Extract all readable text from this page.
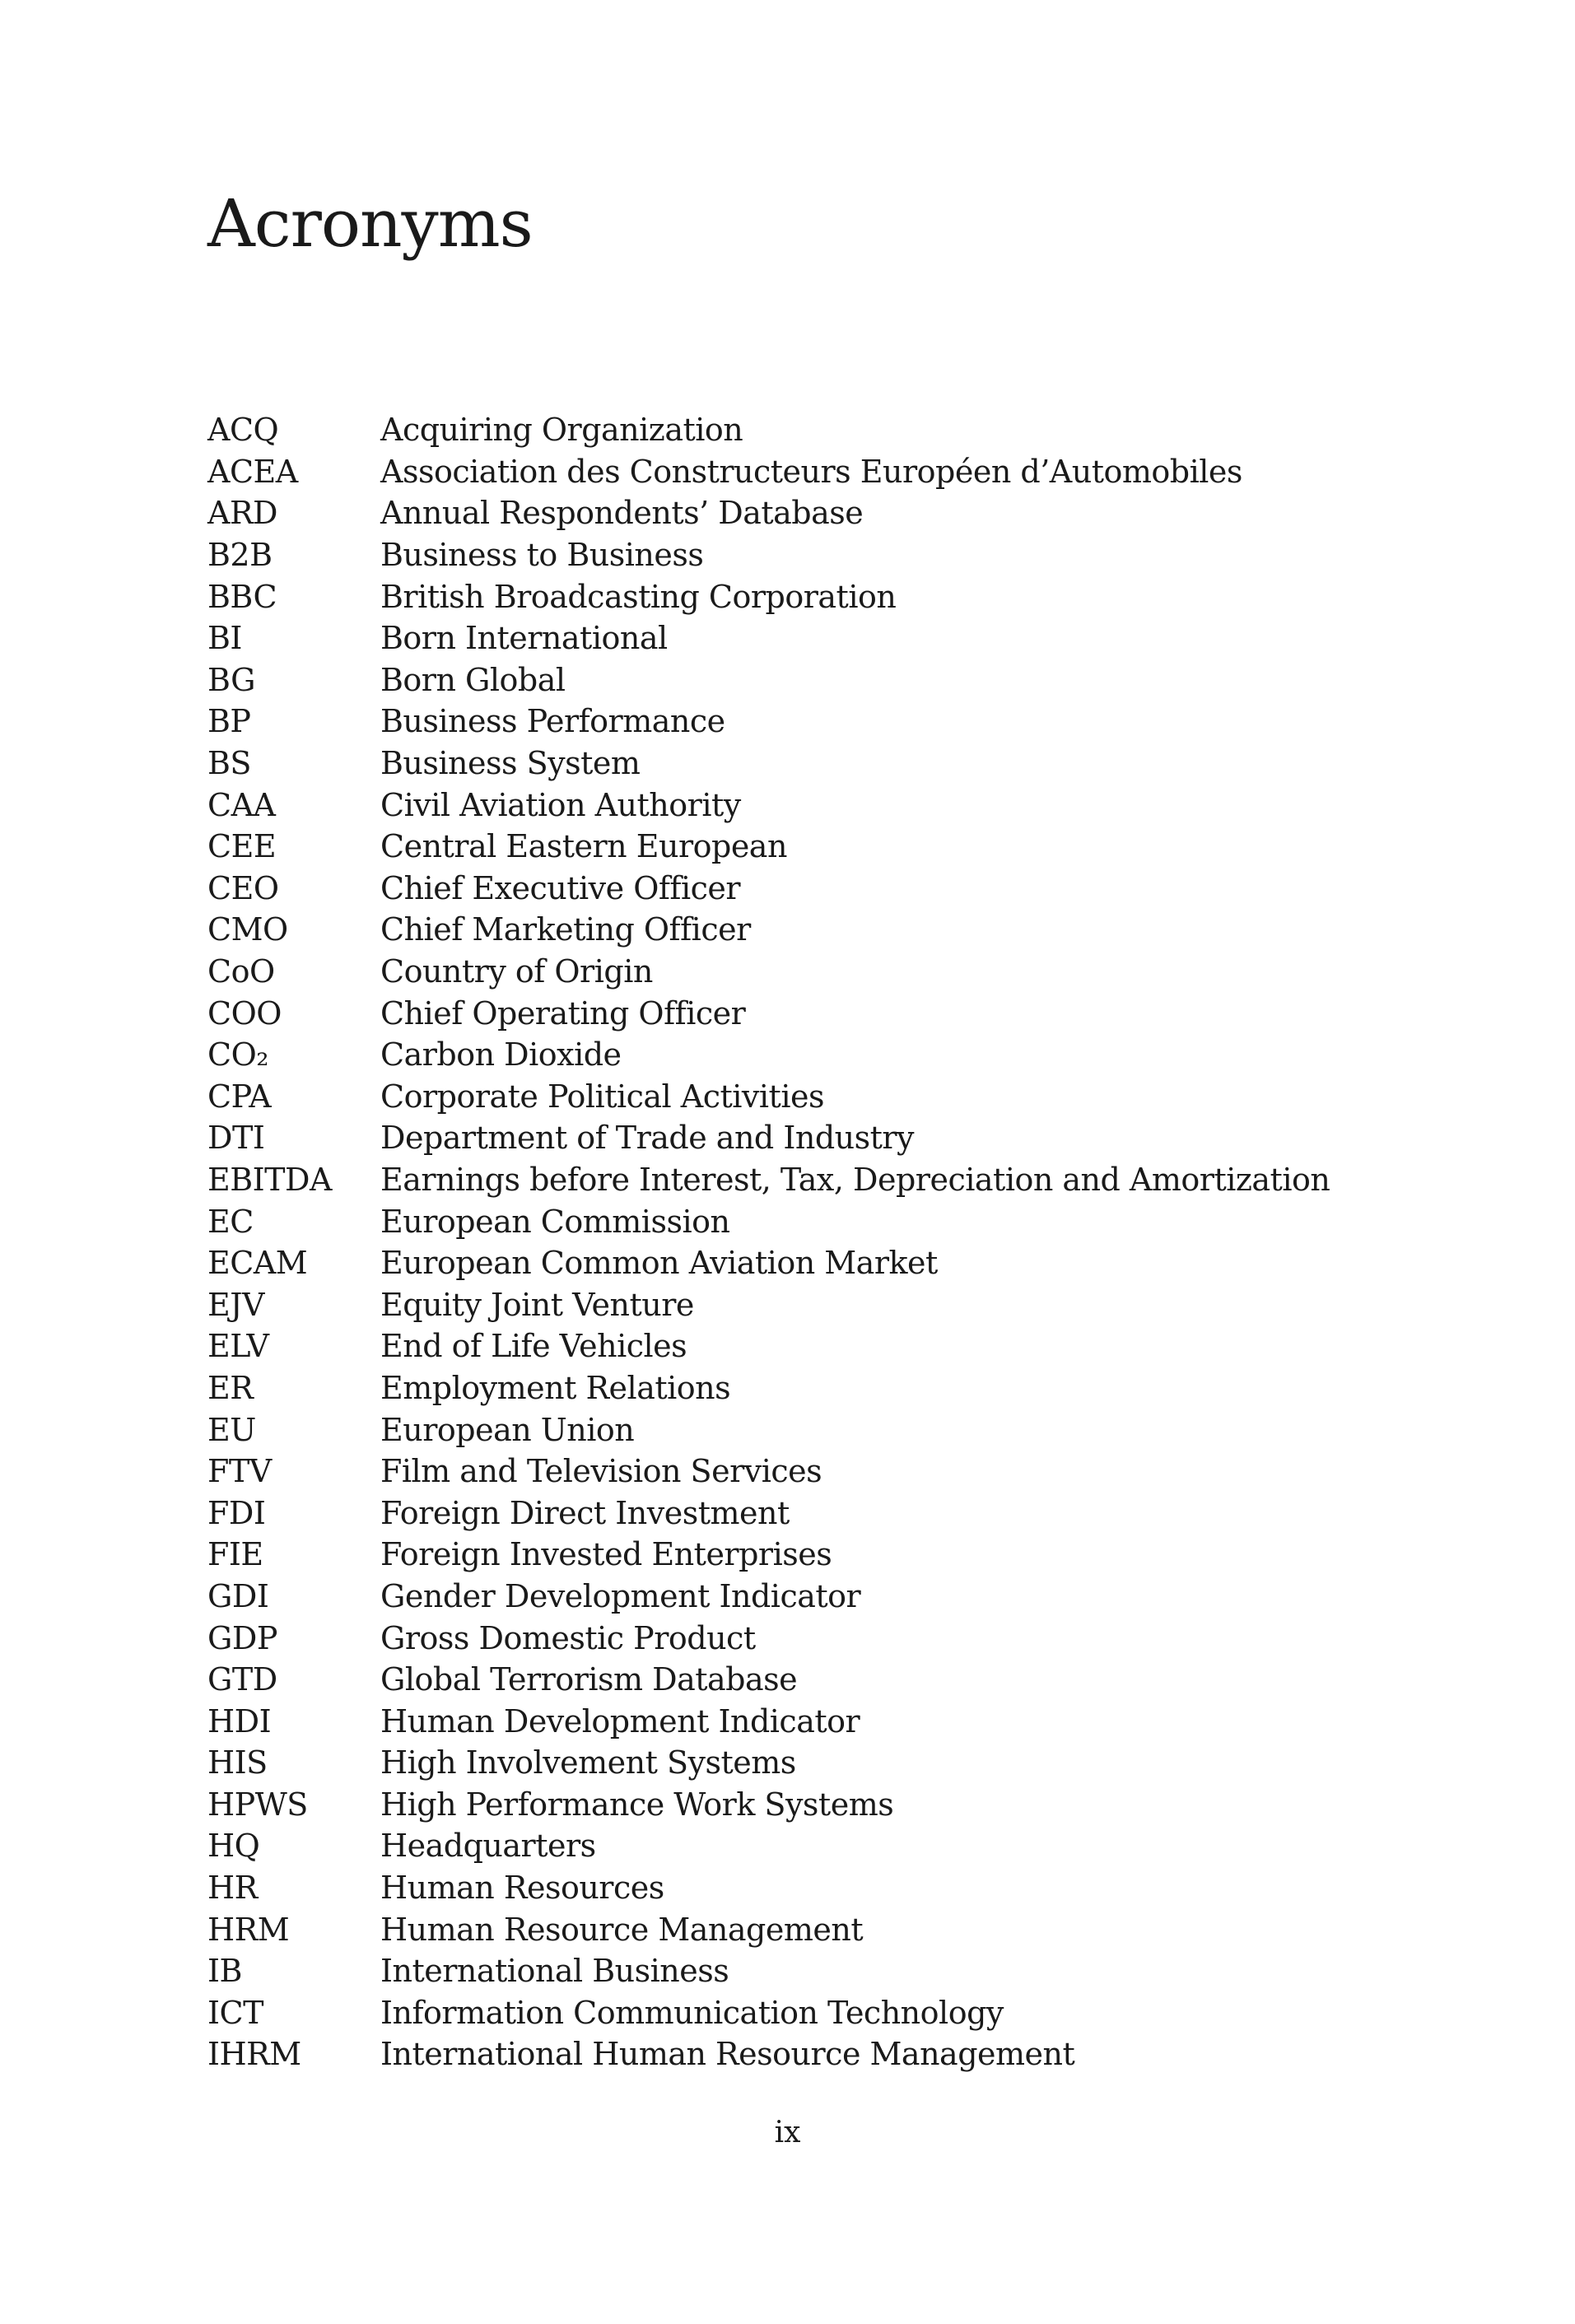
Acronyms
ACQ	Acquiring Organization
ACEA	Association des Constructeurs Européen d’Automobiles
ARD	Annual Respondents’ Database
B2B	Business to Business
BBC	British Broadcasting Corporation
BI	Born International
BG	Born Global
BP	Business Performance
BS	Business System
CAA	Civil Aviation Authority
CEE	Central Eastern European
CEO	Chief Executive Officer
CMO	Chief Marketing Officer
CoO	Country of Origin
COO	Chief Operating Officer
CO₂	Carbon Dioxide
CPA	Corporate Political Activities
DTI	Department of Trade and Industry
EBITDA	Earnings before Interest, Tax, Depreciation and Amortization
EC	European Commission
ECAM	European Common Aviation Market
EJV	Equity Joint Venture
ELV	End of Life Vehicles
ER	Employment Relations
EU	European Union
FTV	Film and Television Services
FDI	Foreign Direct Investment
FIE	Foreign Invested Enterprises
GDI	Gender Development Indicator
GDP	Gross Domestic Product
GTD	Global Terrorism Database
HDI	Human Development Indicator
HIS	High Involvement Systems
HPWS	High Performance Work Systems
HQ	Headquarters
HR	Human Resources
HRM	Human Resource Management
IB	International Business
ICT	Information Communication Technology
IHRM	International Human Resource Management
ix
